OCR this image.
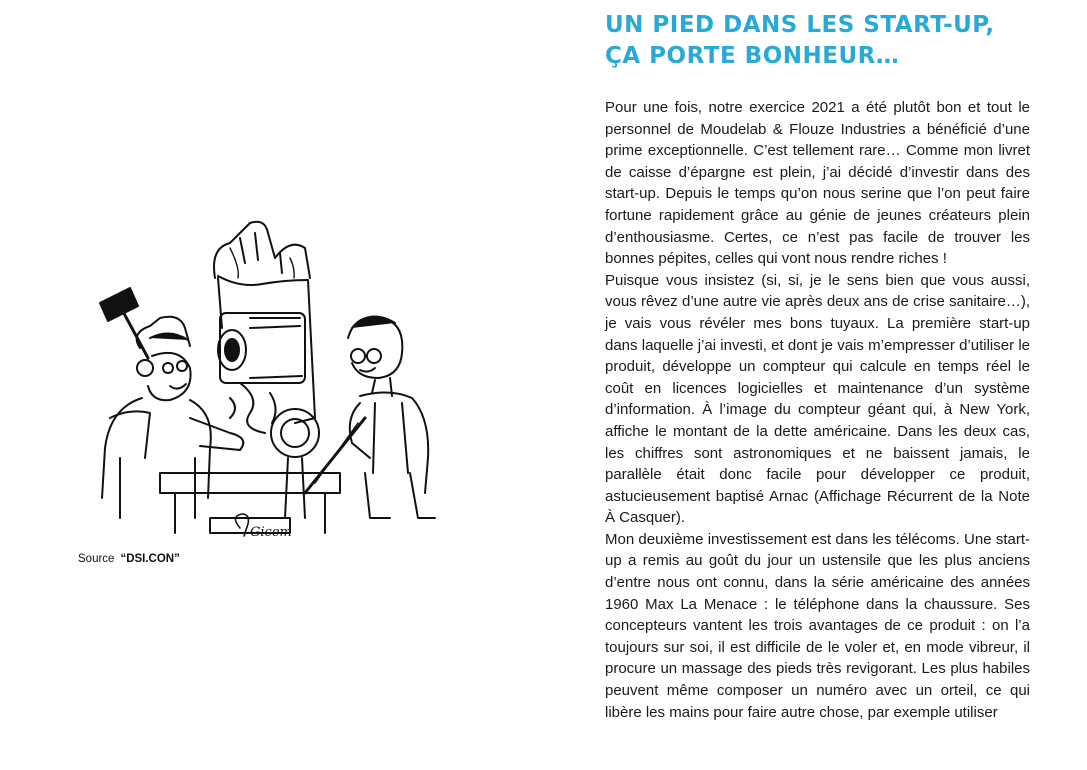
Gicem
Source “DSI.CON”
UN PIED DANS LES START-UP, ÇA PORTE BONHEUR…

Pour une fois, notre exercice 2021 a été plutôt bon et tout le personnel de Moudelab & Flouze Industries a bénéficié d’une prime exceptionnelle. C’est tellement rare… Comme mon livret de caisse d’épargne est plein, j’ai décidé d’investir dans des start-up. Depuis le temps qu’on nous serine que l’on peut faire fortune rapidement grâce au génie de jeunes créateurs plein d’enthousiasme. Certes, ce n’est pas facile de trouver les bonnes pépites, celles qui vont nous rendre riches !

Puisque vous insistez (si, si, je le sens bien que vous aussi, vous rêvez d’une autre vie après deux ans de crise sanitaire…), je vais vous révéler mes bons tuyaux. La première start-up dans laquelle j’ai investi, et dont je vais m’empresser d’utiliser le produit, développe un compteur qui calcule en temps réel le coût en licences logicielles et maintenance d’un système d’information. À l’image du compteur géant qui, à New York, affiche le montant de la dette américaine. Dans les deux cas, les chiffres sont astronomiques et ne baissent jamais, le parallèle était donc facile pour développer ce produit, astucieusement baptisé Arnac (Affichage Récurrent de la Note À Casquer).

Mon deuxième investissement est dans les télécoms. Une start-up a remis au goût du jour un ustensile que les plus anciens d’entre nous ont connu, dans la série américaine des années 1960 Max La Menace : le téléphone dans la chaussure. Ses concepteurs vantent les trois avantages de ce produit : on l’a toujours sur soi, il est difficile de le voler et, en mode vibreur, il procure un massage des pieds très revigorant. Les plus habiles peuvent même composer un numéro avec un orteil, ce qui libère les mains pour faire autre chose, par exemple utiliser
